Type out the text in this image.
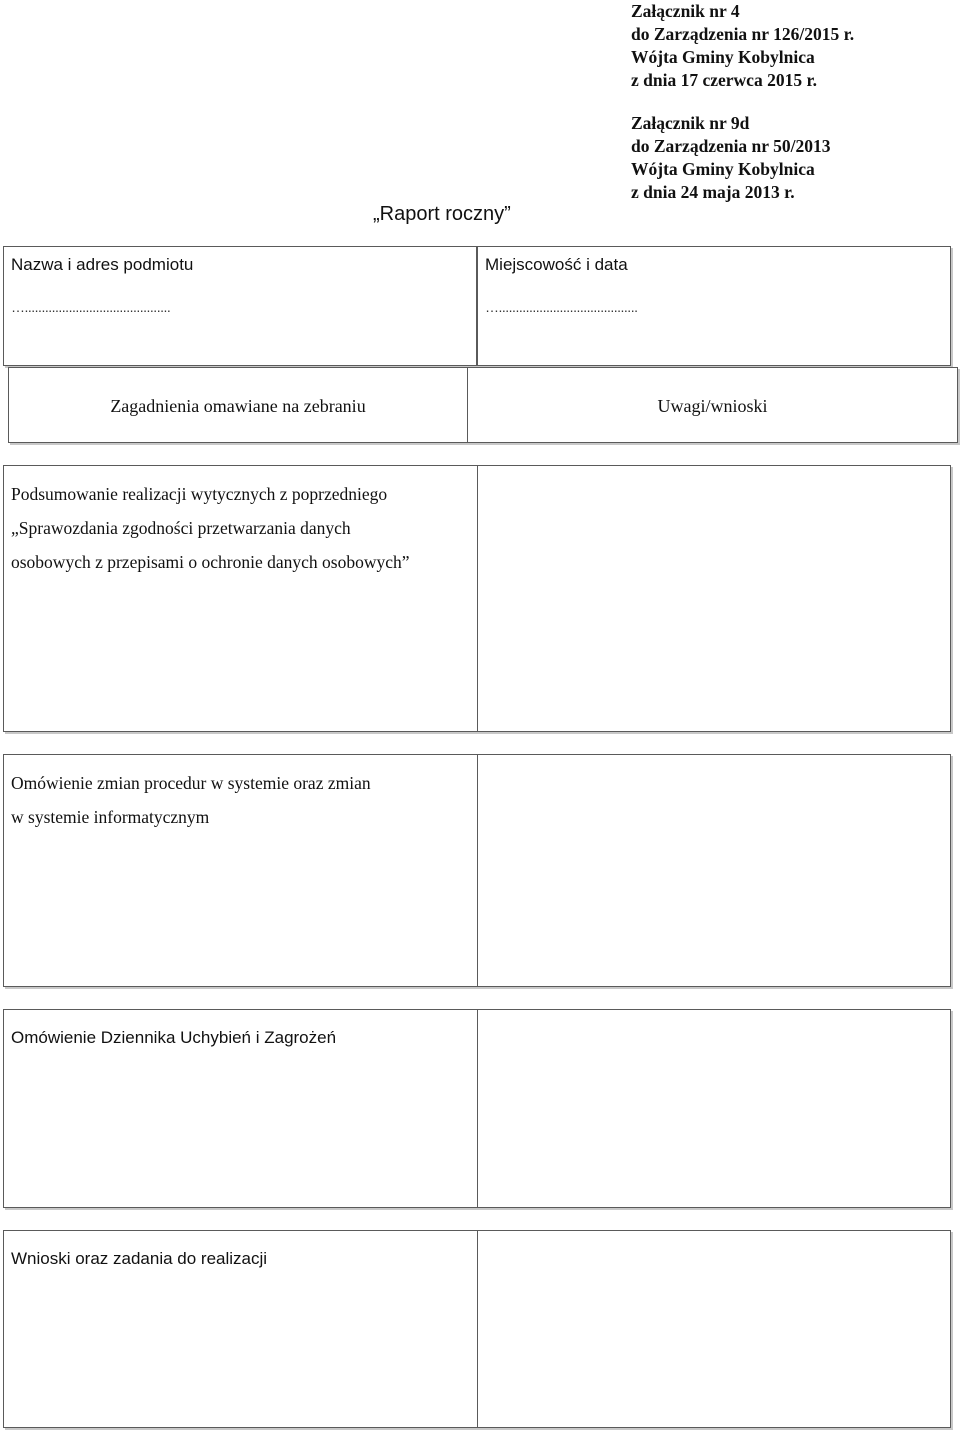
Załącznik nr 4
do Zarządzenia nr 126/2015 r.
Wójta Gminy Kobylnica
z dnia 17 czerwca 2015 r.
Załącznik nr 9d
do Zarządzenia nr 50/2013
Wójta Gminy Kobylnica
z dnia 24 maja 2013 r.
„Raport roczny”
Nazwa i adres podmiotu
…...........................................
Miejscowość i data
….........................................
Zagadnienia omawiane na zebraniu	Uwagi/wnioski
Podsumowanie realizacji wytycznych z poprzedniego
„Sprawozdania zgodności przetwarzania danych
osobowych z przepisami o ochronie danych osobowych”
Omówienie zmian procedur w systemie oraz zmian
w systemie informatycznym
Omówienie Dziennika Uchybień i Zagrożeń
Wnioski oraz zadania do realizacji
